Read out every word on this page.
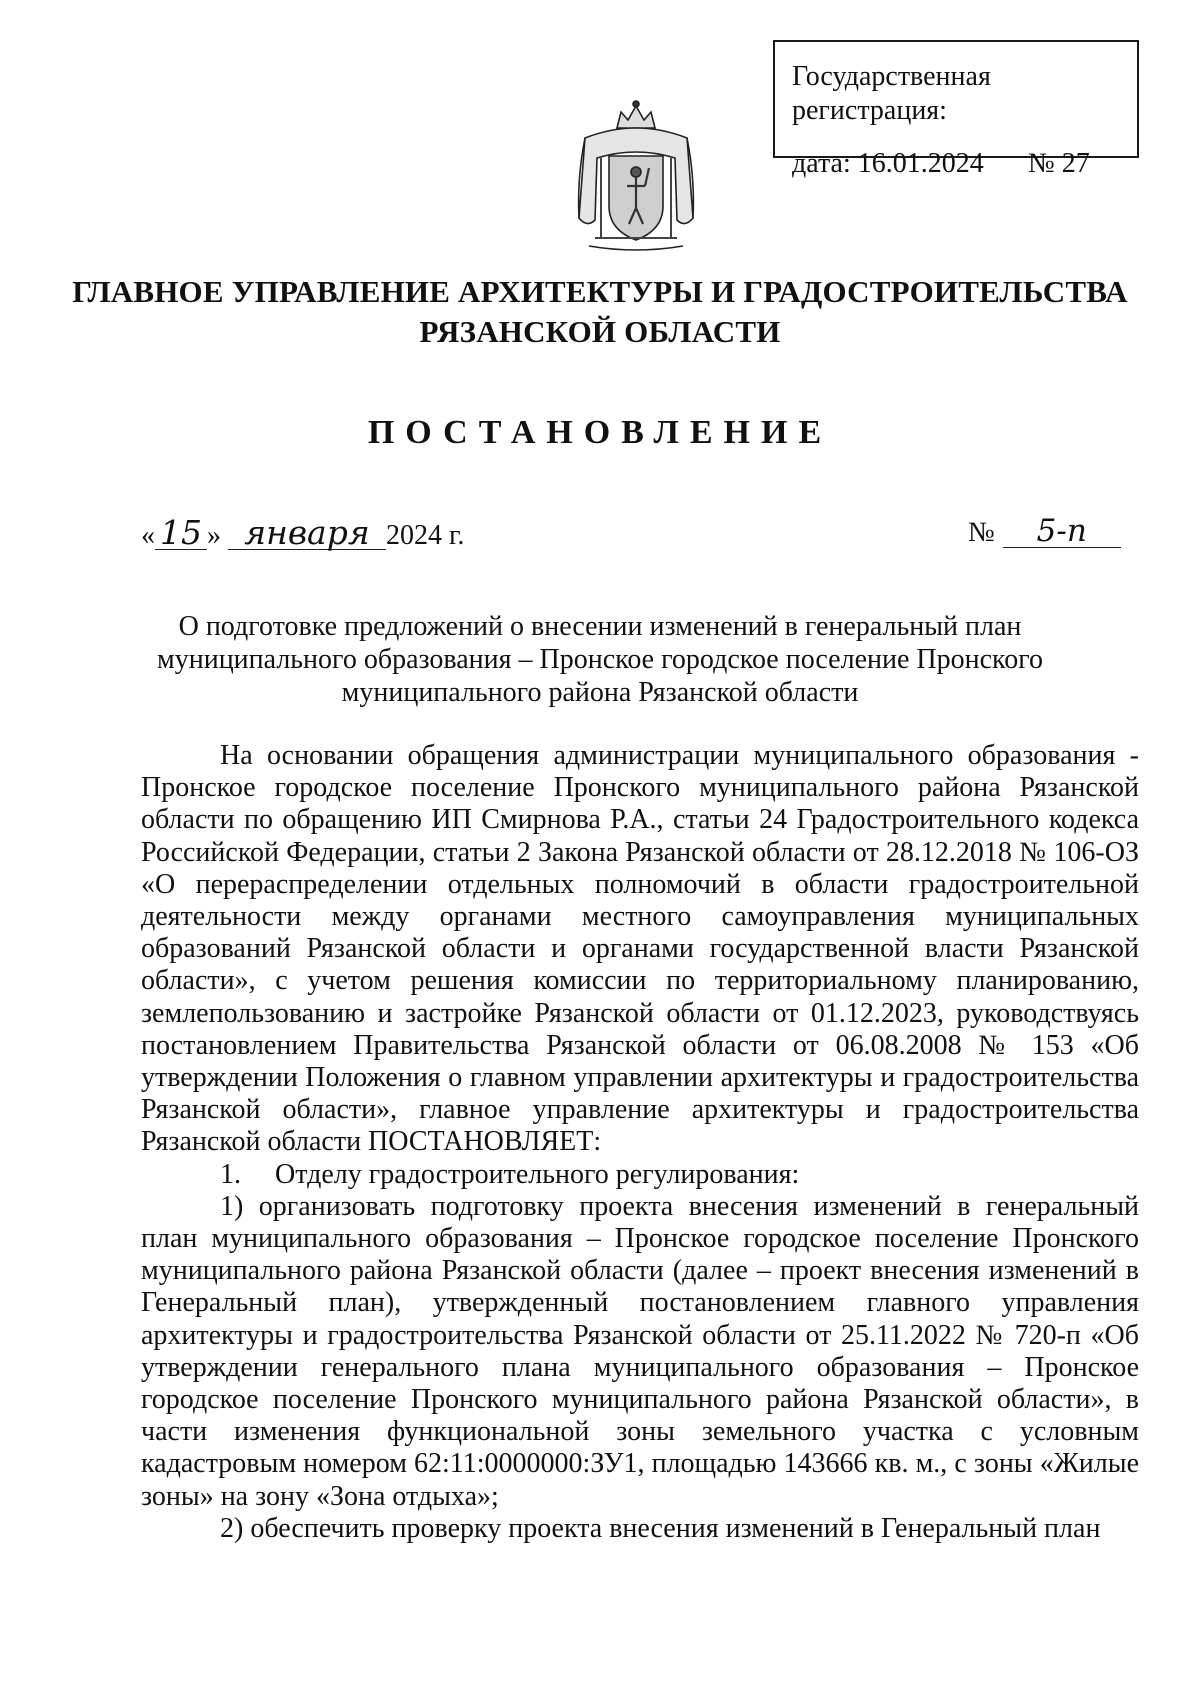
Государственная регистрация:
дата: 16.01.2024	№ 27
ГЛАВНОЕ УПРАВЛЕНИЕ АРХИТЕКТУРЫ И ГРАДОСТРОИТЕЛЬСТВА
РЯЗАНСКОЙ ОБЛАСТИ
ПОСТАНОВЛЕНИЕ
« 15 » января 2024 г.	№ 5-п
О подготовке предложений о внесении изменений в генеральный план
муниципального образования – Пронское городское поселение Пронского
муниципального района Рязанской области

На основании обращения администрации муниципального образования - Пронское городское поселение Пронского муниципального района Рязанской области по обращению ИП Смирнова Р.А., статьи 24 Градостроительного кодекса Российской Федерации, статьи 2 Закона Рязанской области от 28.12.2018 № 106-ОЗ «О перераспределении отдельных полномочий в области градостроительной деятельности между органами местного самоуправления муниципальных образований Рязанской области и органами государственной власти Рязанской области», с учетом решения комиссии по территориальному планированию, землепользованию и застройке Рязанской области от 01.12.2023, руководствуясь постановлением Правительства Рязанской области от 06.08.2008 № 153 «Об утверждении Положения о главном управлении архитектуры и градостроительства Рязанской области», главное управление архитектуры и градостроительства Рязанской области ПОСТАНОВЛЯЕТ:

1. Отделу градостроительного регулирования:

1) организовать подготовку проекта внесения изменений в генеральный план муниципального образования – Пронское городское поселение Пронского муниципального района Рязанской области (далее – проект внесения изменений в Генеральный план), утвержденный постановлением главного управления архитектуры и градостроительства Рязанской области от 25.11.2022 № 720-п «Об утверждении генерального плана муниципального образования – Пронское городское поселение Пронского муниципального района Рязанской области», в части изменения функциональной зоны земельного участка с условным кадастровым номером 62:11:0000000:ЗУ1, площадью 143666 кв. м., с зоны «Жилые зоны» на зону «Зона отдыха»;

2) обеспечить проверку проекта внесения изменений в Генеральный план
